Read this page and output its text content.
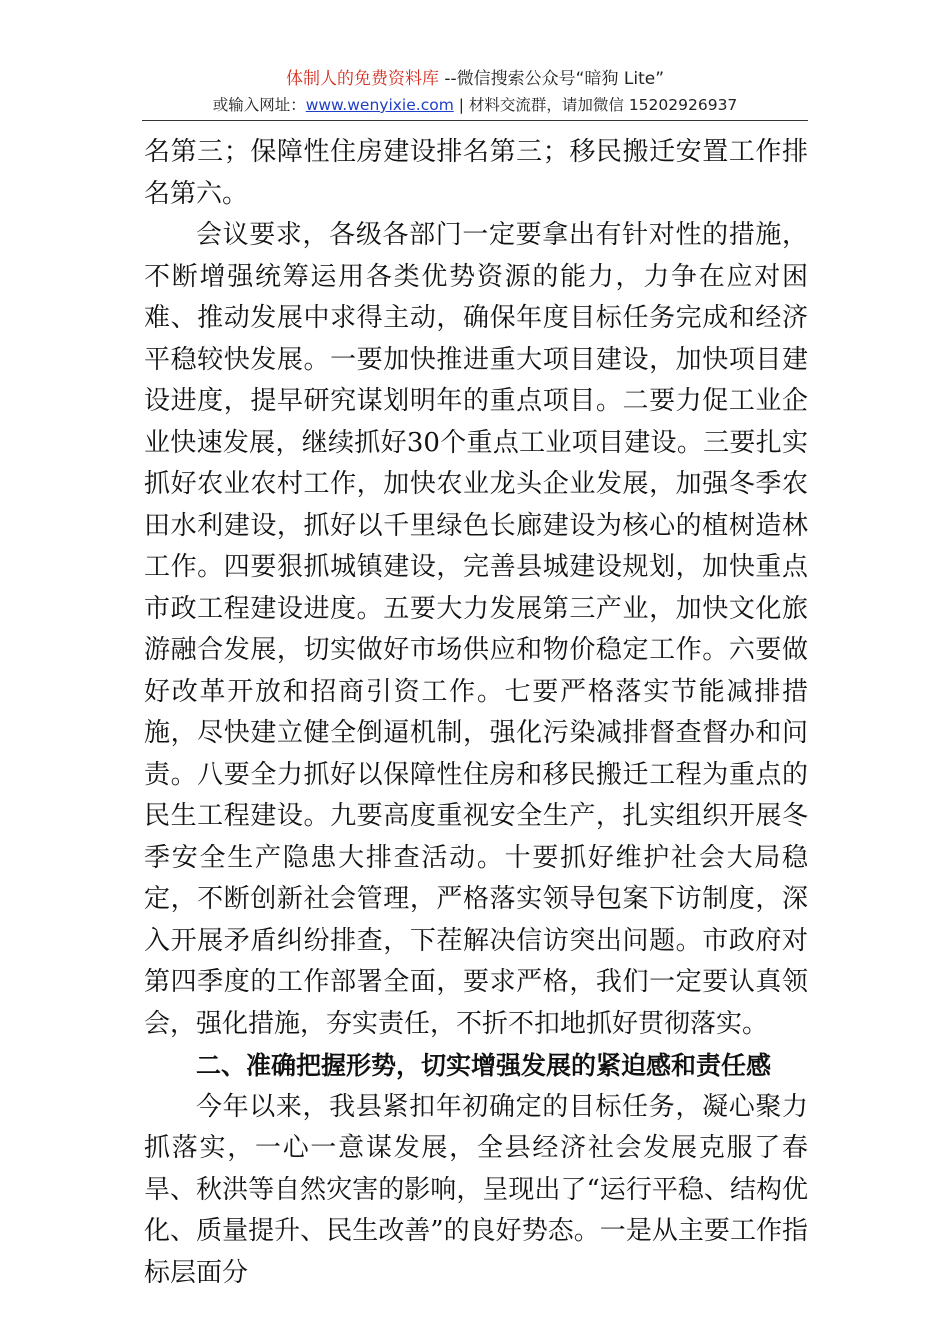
体制人的免费资料库 --微信搜索公众号“暗狗 Lite”
或输入网址：www.wenyixie.com | 材料交流群，请加微信 15202926937

名第三；保障性住房建设排名第三；移民搬迁安置工作排名第六。

会议要求，各级各部门一定要拿出有针对性的措施，不断增强统筹运用各类优势资源的能力，力争在应对困难、推动发展中求得主动，确保年度目标任务完成和经济平稳较快发展。一要加快推进重大项目建设，加快项目建设进度，提早研究谋划明年的重点项目。二要力促工业企业快速发展，继续抓好30个重点工业项目建设。三要扎实抓好农业农村工作，加快农业龙头企业发展，加强冬季农田水利建设，抓好以千里绿色长廊建设为核心的植树造林工作。四要狠抓城镇建设，完善县城建设规划，加快重点市政工程建设进度。五要大力发展第三产业，加快文化旅游融合发展，切实做好市场供应和物价稳定工作。六要做好改革开放和招商引资工作。七要严格落实节能减排措施，尽快建立健全倒逼机制，强化污染减排督查督办和问责。八要全力抓好以保障性住房和移民搬迁工程为重点的民生工程建设。九要高度重视安全生产，扎实组织开展冬季安全生产隐患大排查活动。十要抓好维护社会大局稳定，不断创新社会管理，严格落实领导包案下访制度，深入开展矛盾纠纷排查，下茬解决信访突出问题。市政府对第四季度的工作部署全面，要求严格，我们一定要认真领会，强化措施，夯实责任，不折不扣地抓好贯彻落实。

二、准确把握形势，切实增强发展的紧迫感和责任感

今年以来，我县紧扣年初确定的目标任务，凝心聚力抓落实，一心一意谋发展，全县经济社会发展克服了春旱、秋洪等自然灾害的影响，呈现出了“运行平稳、结构优化、质量提升、民生改善”的良好势态。一是从主要工作指标层面分
